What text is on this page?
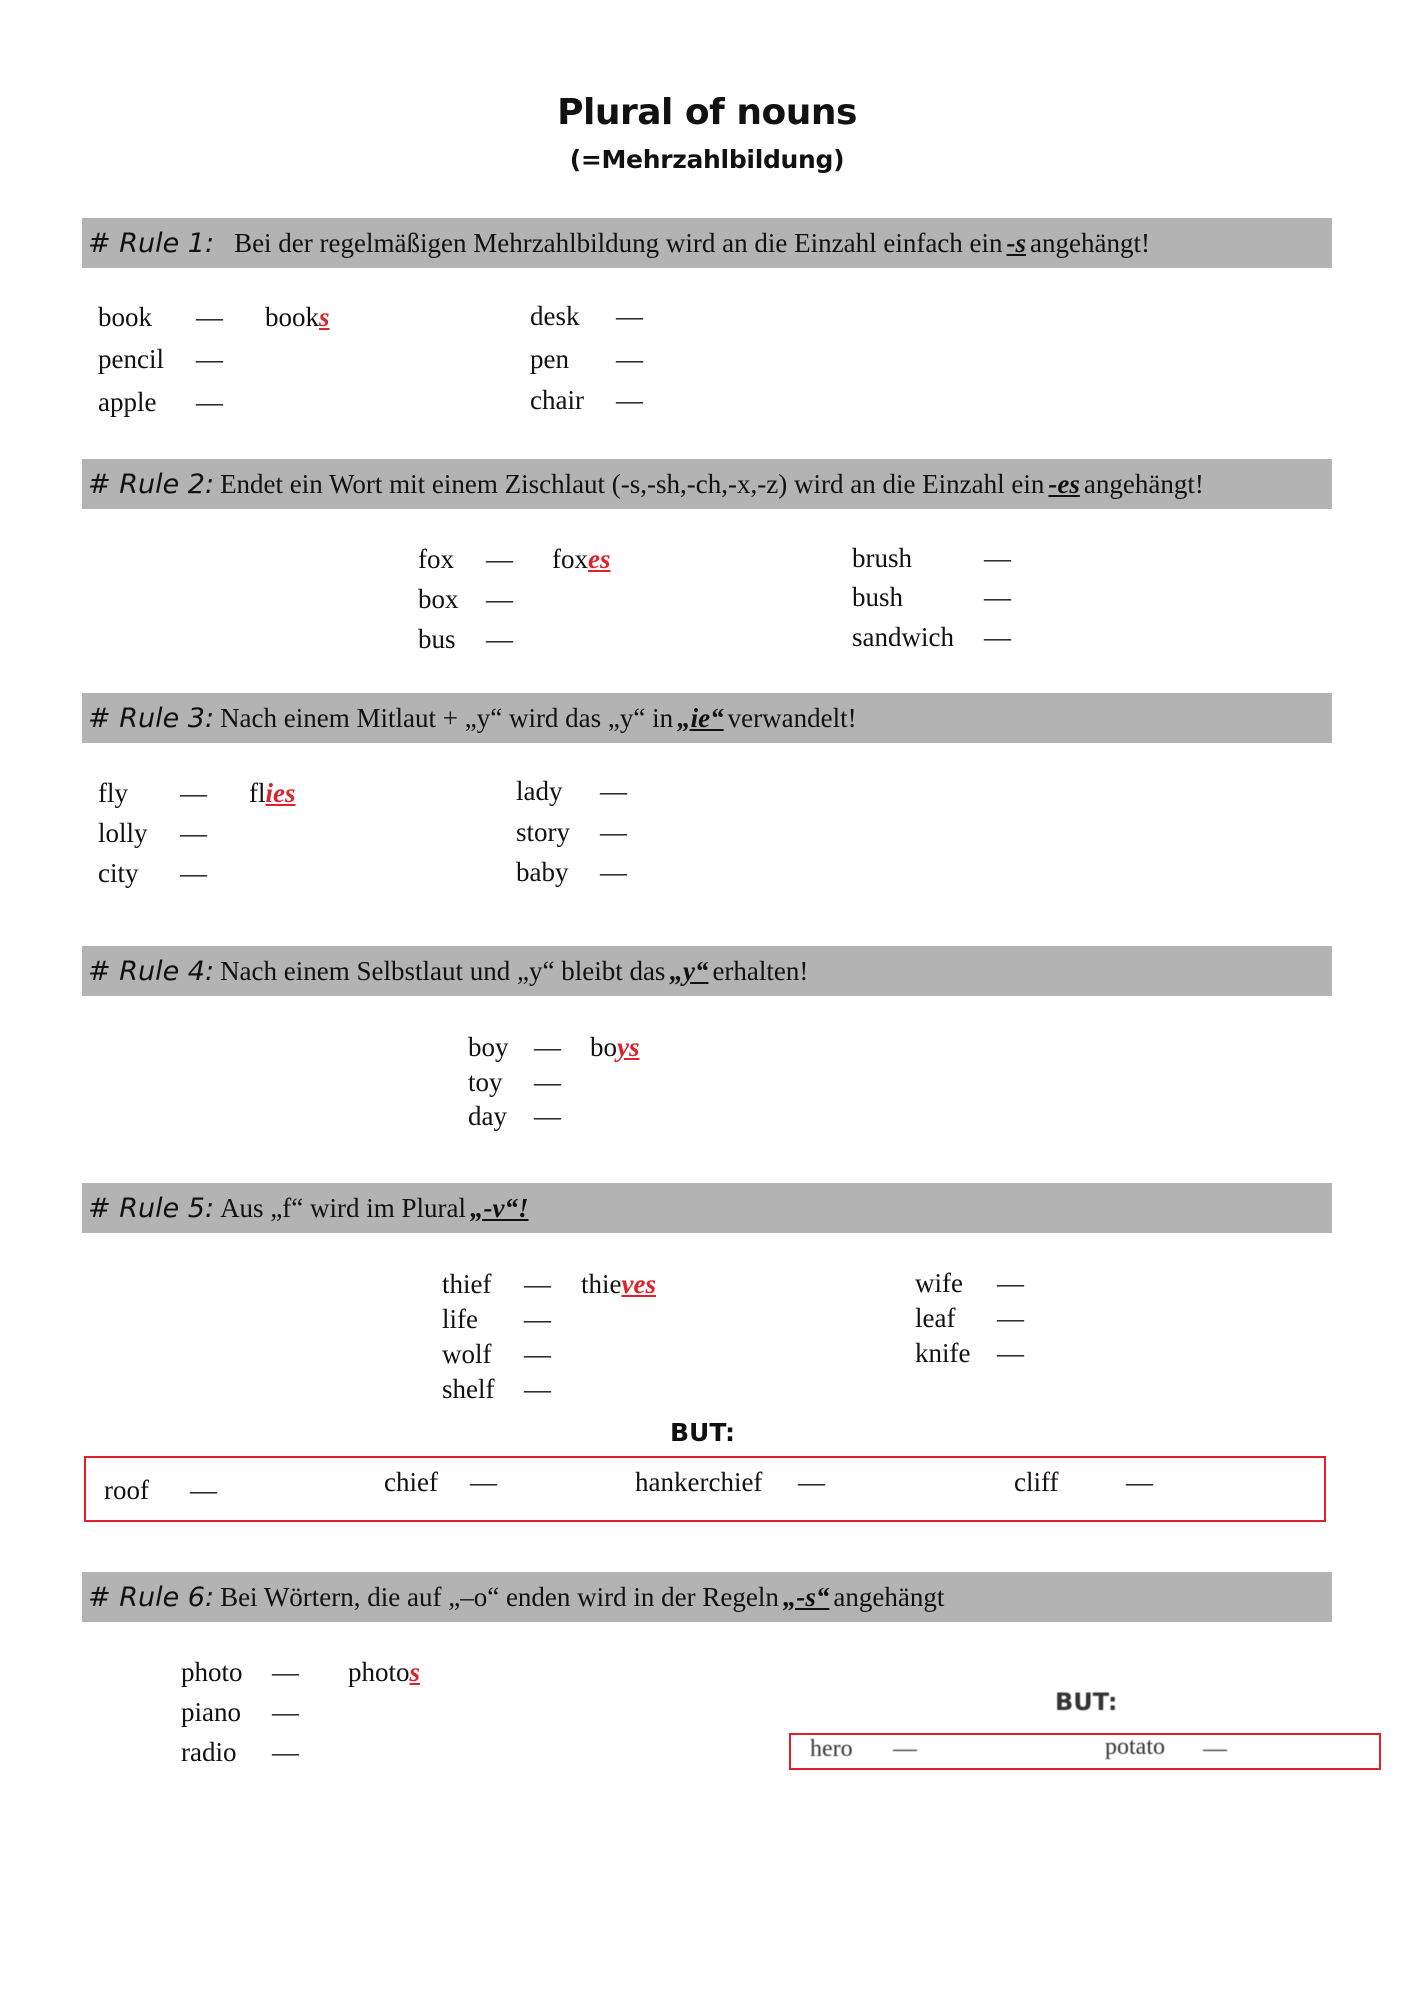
Plural of nouns
(=Mehrzahlbildung)
# Rule 1: Bei der regelmäßigen Mehrzahlbildung wird an die Einzahl einfach ein -s angehängt!
book — books
pencil —
apple —
desk —
pen —
chair —
# Rule 2: Endet ein Wort mit einem Zischlaut (-s,-sh,-ch,-x,-z) wird an die Einzahl ein -es angehängt!
fox — foxes
box —
bus —
brush	—
bush	—
sandwich —
# Rule 3: Nach einem Mitlaut + „y“ wird das „y“ in „ie“ verwandelt!
fly — flies
lolly —
city —
lady —
story —
baby —
# Rule 4: Nach einem Selbstlaut und „y“ bleibt das „y“ erhalten!
boy — boys
toy —
day —
# Rule 5: Aus „f“ wird im Plural „-v“!
thief — thieves
life —
wolf —
shelf —
wife —
leaf —
knife —
BUT:
roof —	chief —	hankerchief —	cliff	—
# Rule 6: Bei Wörtern, die auf „–o“ enden wird in der Regeln „-s“ angehängt
photo — photos
piano —
radio —
BUT:
hero —	potato —
